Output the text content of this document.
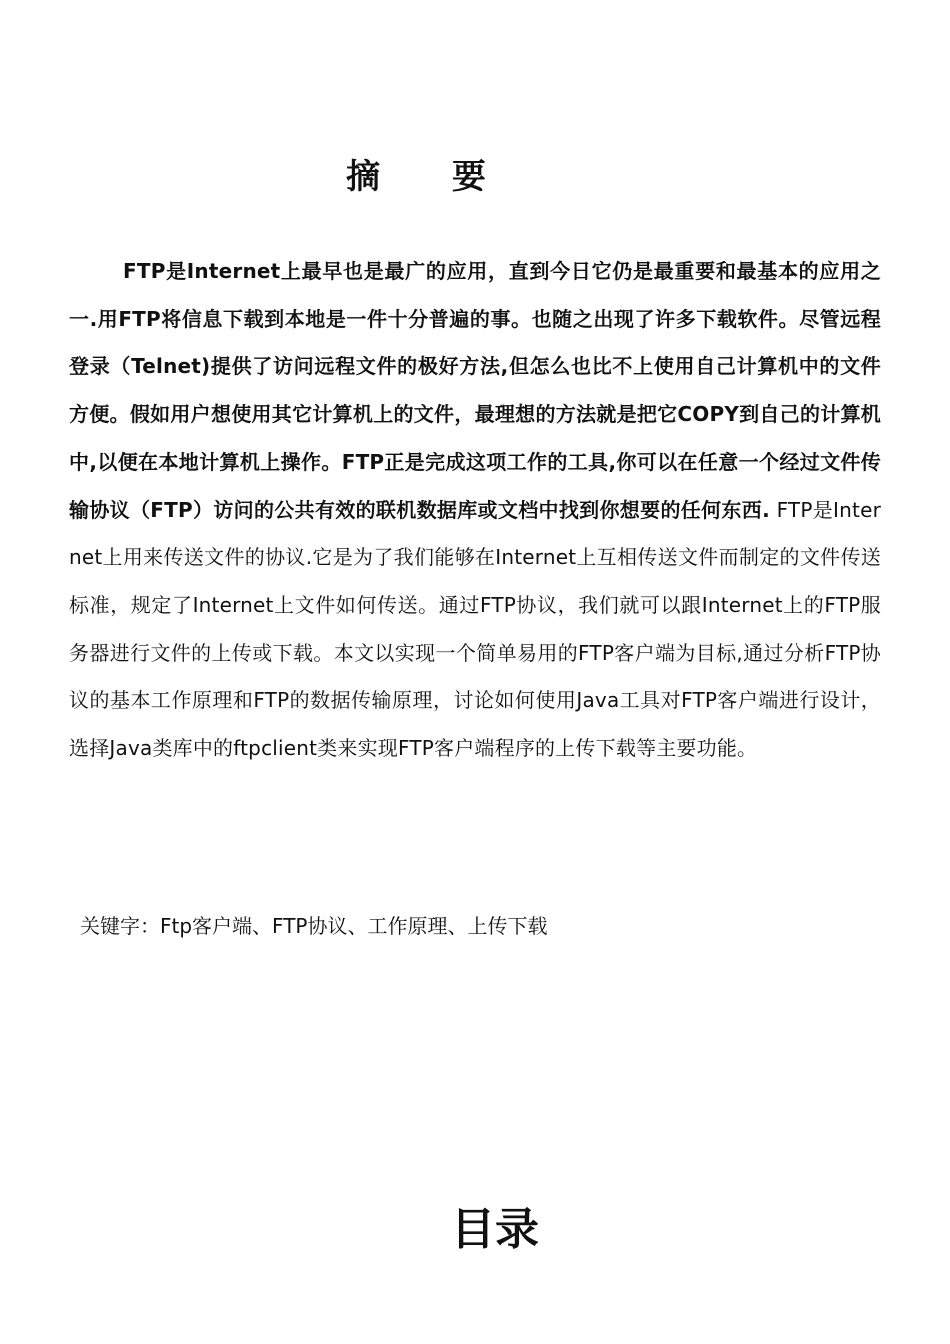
摘 要

FTP是Internet上最早也是最广的应用，直到今日它仍是最重要和最基本的应用之一.用FTP将信息下载到本地是一件十分普遍的事。也随之出现了许多下载软件。尽管远程登录（Telnet)提供了访问远程文件的极好方法,但怎么也比不上使用自己计算机中的文件方便。假如用户想使用其它计算机上的文件，最理想的方法就是把它COPY到自己的计算机中,以便在本地计算机上操作。FTP正是完成这项工作的工具,你可以在任意一个经过文件传输协议（FTP）访问的公共有效的联机数据库或文档中找到你想要的任何东西. FTP是Internet上用来传送文件的协议.它是为了我们能够在Internet上互相传送文件而制定的文件传送标准，规定了Internet上文件如何传送。通过FTP协议，我们就可以跟Internet上的FTP服务器进行文件的上传或下载。本文以实现一个简单易用的FTP客户端为目标,通过分析FTP协议的基本工作原理和FTP的数据传输原理，讨论如何使用Java工具对FTP客户端进行设计，选择Java类库中的ftpclient类来实现FTP客户端程序的上传下载等主要功能。

关键字：Ftp客户端、FTP协议、工作原理、上传下载

目录
